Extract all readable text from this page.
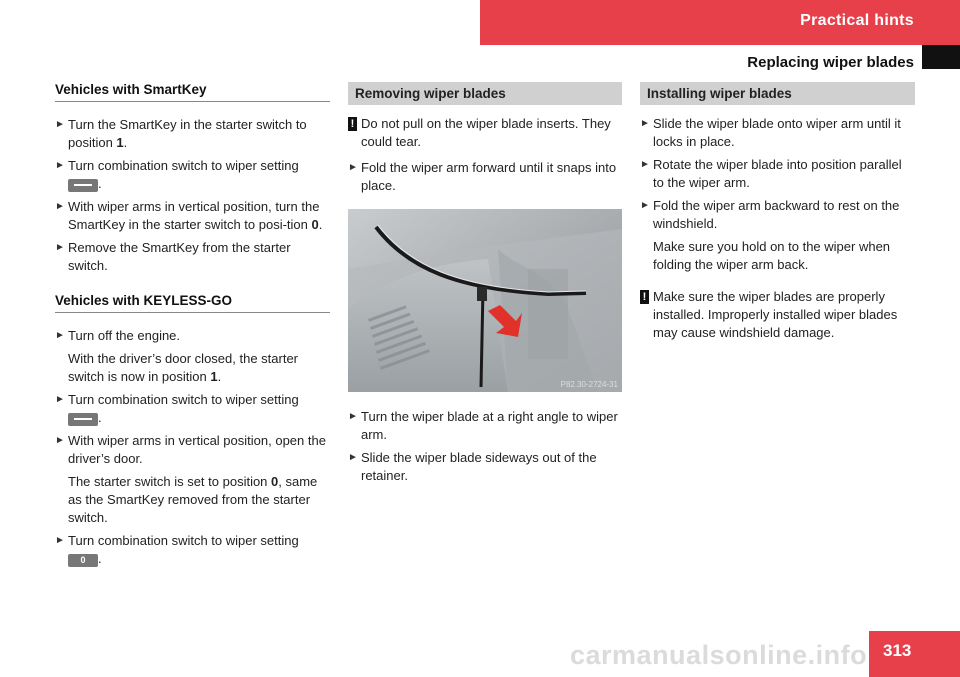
Practical hints
Replacing wiper blades
Vehicles with SmartKey
► Turn the SmartKey in the starter switch to position 1.
► Turn combination switch to wiper setting

.
► With wiper arms in vertical position, turn the SmartKey in the starter switch to posi-tion 0.
► Remove the SmartKey from the starter switch.
Vehicles with KEYLESS-GO
► Turn off the engine.
With the driver’s door closed, the starter switch is now in position 1.
► Turn combination switch to wiper setting

.
► With wiper arms in vertical position, open the driver’s door.
The starter switch is set to position 0, same as the SmartKey removed from the starter switch.
► Turn combination switch to wiper setting

0 .
Removing wiper blades
! Do not pull on the wiper blade inserts. They could tear.
► Fold the wiper arm forward until it snaps into place.
P82.30-2724-31
► Turn the wiper blade at a right angle to wiper arm.
► Slide the wiper blade sideways out of the retainer.
Installing wiper blades
► Slide the wiper blade onto wiper arm until it locks in place.
► Rotate the wiper blade into position parallel to the wiper arm.
► Fold the wiper arm backward to rest on the windshield.
Make sure you hold on to the wiper when folding the wiper arm back.
! Make sure the wiper blades are properly installed. Improperly installed wiper blades may cause windshield damage.
carmanualsonline.info 313
